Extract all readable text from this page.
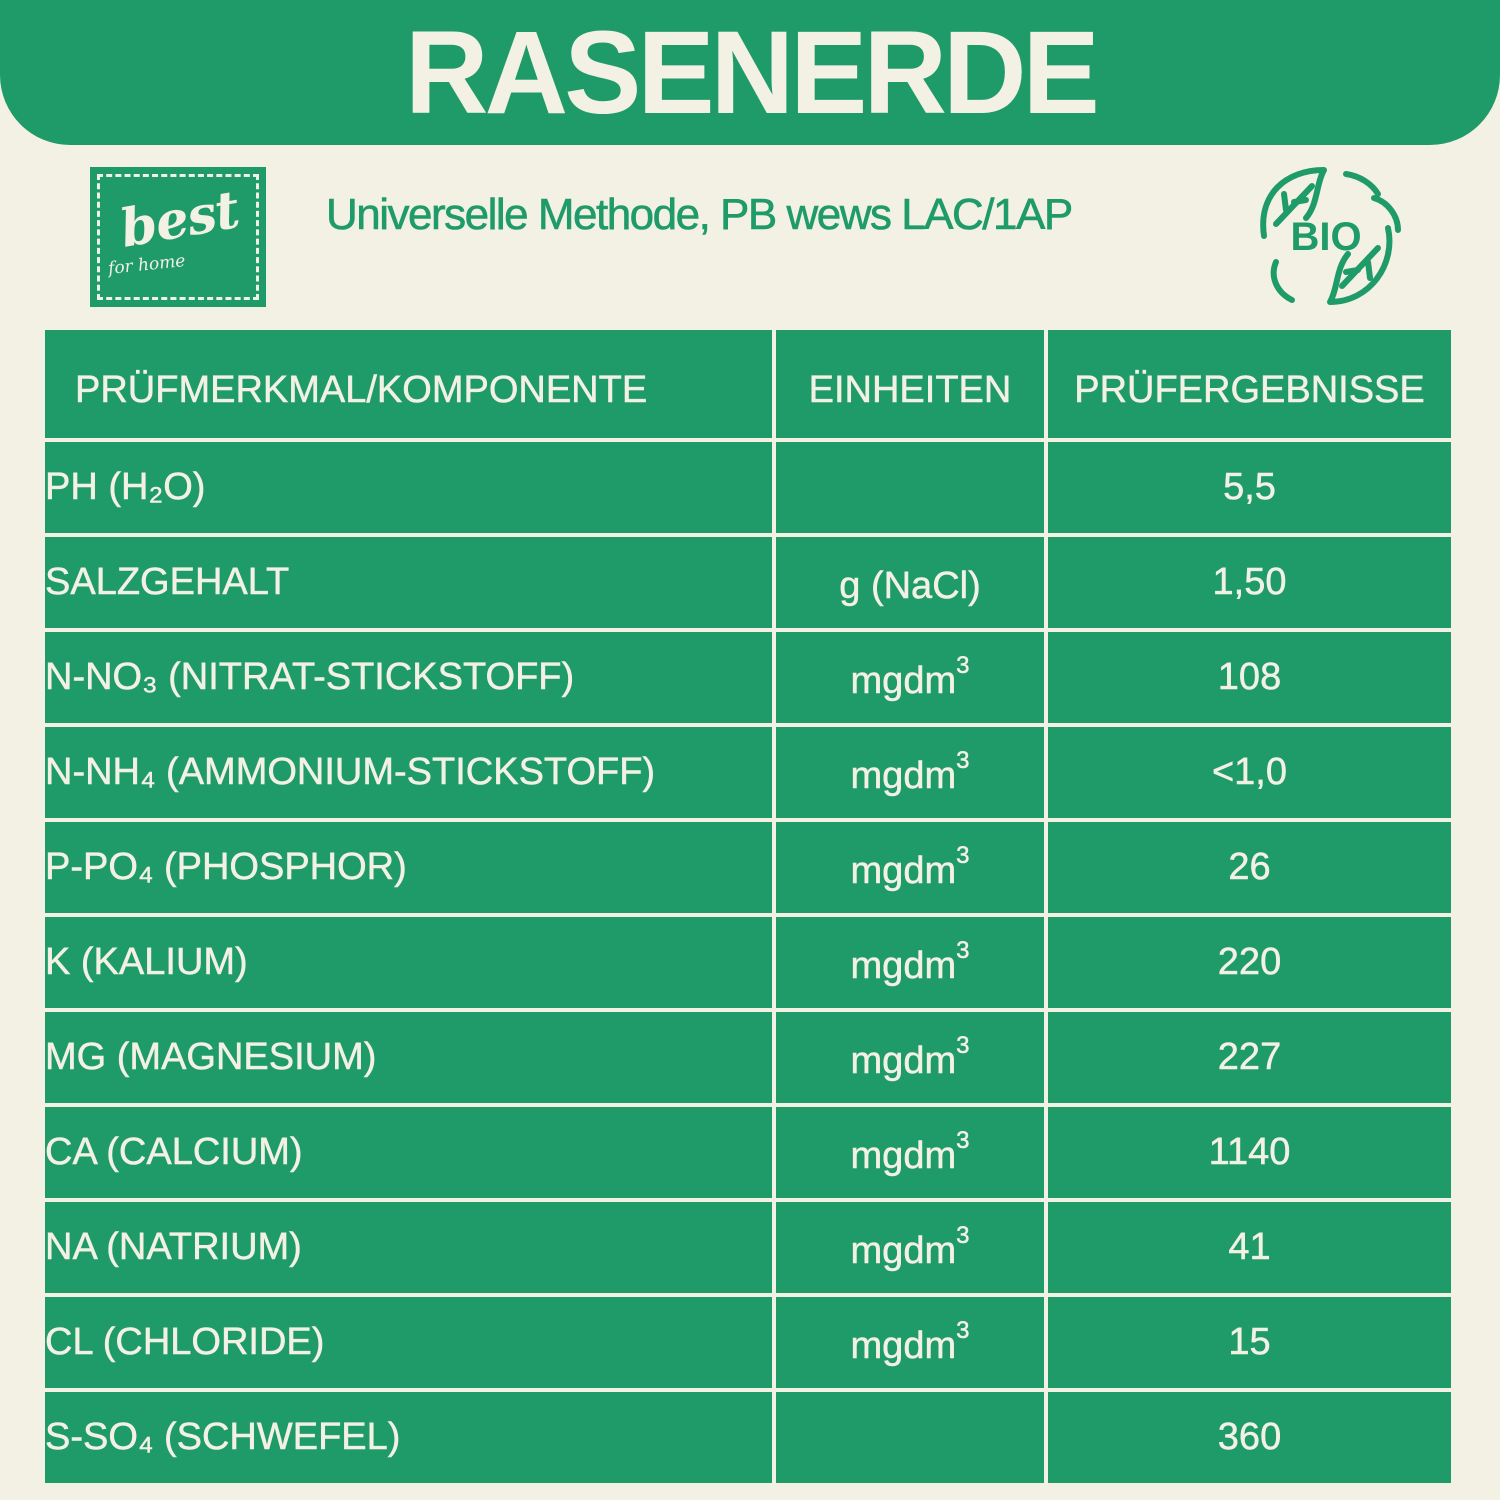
RASENERDE
best
for home
Universelle Methode, PB wews LAC/1AP	BIO
PRÜFMERKMAL/KOMPONENTE	EINHEITEN	PRÜFERGEBNISSE
PH (H₂O)		5,5
SALZGEHALT	g (NaCl)	1,50
N-NO₃ (NITRAT-STICKSTOFF)	mgdm$^3$	108
N-NH₄ (AMMONIUM-STICKSTOFF)	mgdm$^3$	<1,0
P-PO₄ (PHOSPHOR)	mgdm$^3$	26
K (KALIUM)	mgdm$^3$	220
MG (MAGNESIUM)	mgdm$^3$	227
CA (CALCIUM)	mgdm$^3$	1140
NA (NATRIUM)	mgdm$^3$	41
CL (CHLORIDE)	mgdm$^3$	15
S-SO₄ (SCHWEFEL)		360
